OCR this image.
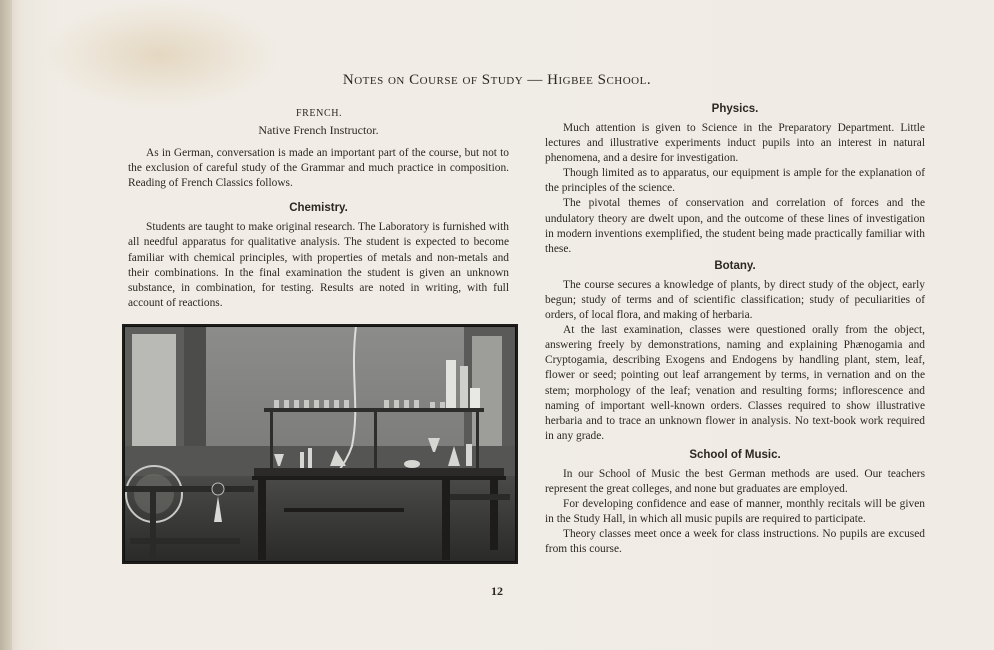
Notes on Course of Study — Higbee School.
FRENCH.
Native French Instructor.

As in German, conversation is made an important part of the course, but not to the exclusion of careful study of the Grammar and much practice in composition. Reading of French Classics follows.

Chemistry.

Students are taught to make original research. The Laboratory is furnished with all needful apparatus for qualitative analysis. The student is expected to become familiar with chemical principles, with properties of metals and non-metals and their combinations. In the final examination the student is given an unknown substance, in combination, for testing. Results are noted in writing, with full account of reactions.

Physics.

Much attention is given to Science in the Preparatory Department. Little lectures and illustrative experiments induct pupils into an interest in natural phenomena, and a desire for investigation.

Though limited as to apparatus, our equipment is ample for the explanation of the principles of the science.

The pivotal themes of conservation and correlation of forces and the undulatory theory are dwelt upon, and the outcome of these lines of investigation in modern inventions exemplified, the student being made practically familiar with these.

Botany.

The course secures a knowledge of plants, by direct study of the object, early begun; study of terms and of scientific classification; study of peculiarities of orders, of local flora, and making of herbaria.

At the last examination, classes were questioned orally from the object, answering freely by demonstrations, naming and explaining Phænogamia and Cryptogamia, describing Exogens and Endogens by handling plant, stem, leaf, flower or seed; pointing out leaf arrangement by terms, in vernation and on the stem; morphology of the leaf; venation and resulting forms; inflorescence and naming of important well-known orders. Classes required to show illustrative herbaria and to trace an unknown flower in analysis. No text-book work required in any grade.

School of Music.

In our School of Music the best German methods are used. Our teachers represent the great colleges, and none but graduates are employed.

For developing confidence and ease of manner, monthly recitals will be given in the Study Hall, in which all music pupils are required to participate.

Theory classes meet once a week for class instructions. No pupils are excused from this course.

12
